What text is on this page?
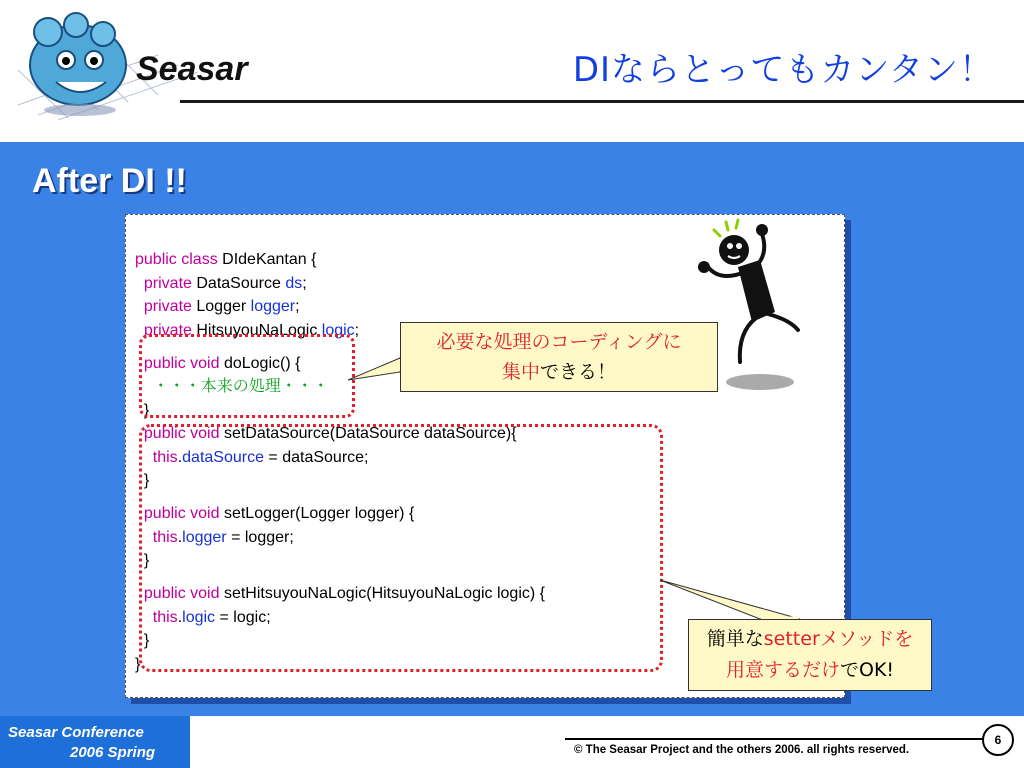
Seasar	DIならとってもカンタン！
After DI !!

public class DIdeKantan {
private DataSource ds;
private Logger logger;
private HitsuyouNaLogic logic;
public void doLogic() {
・・・本来の処理・・・
}
public void setDataSource(DataSource dataSource){
this.dataSource = dataSource;
}
public void setLogger(Logger logger) {
this.logger = logger;
}
public void setHitsuyouNaLogic(HitsuyouNaLogic logic) {
this.logic = logic;
}
}
必要な処理のコーディングに
集中できる！
簡単なsetterメソッドを
用意するだけでOK!
Seasar Conference
2006 Spring	© The Seasar Project and the others 2006. all rights reserved.
6
